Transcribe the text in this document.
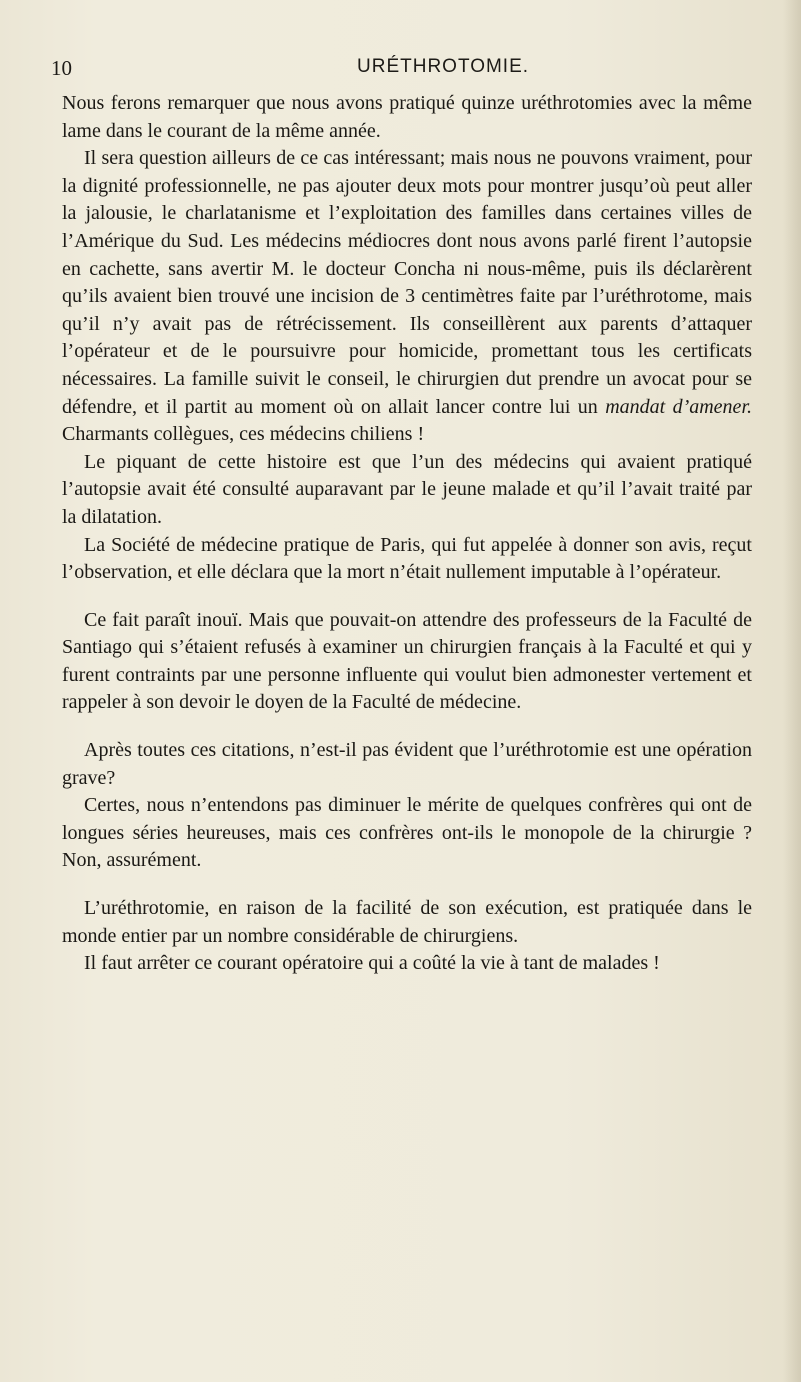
10	URÉTHROTOMIE.

Nous ferons remarquer que nous avons pratiqué quinze uréthrotomies avec la même lame dans le courant de la même année.

Il sera question ailleurs de ce cas intéressant; mais nous ne pouvons vraiment, pour la dignité professionnelle, ne pas ajouter deux mots pour montrer jusqu’où peut aller la jalousie, le charlatanisme et l’exploitation des familles dans certaines villes de l’Amérique du Sud. Les médecins médiocres dont nous avons parlé firent l’autopsie en cachette, sans avertir M. le docteur Concha ni nous-même, puis ils déclarèrent qu’ils avaient bien trouvé une incision de 3 centimètres faite par l’uréthrotome, mais qu’il n’y avait pas de rétrécissement. Ils conseillèrent aux parents d’attaquer l’opérateur et de le poursuivre pour homicide, promettant tous les certificats nécessaires. La famille suivit le conseil, le chirurgien dut prendre un avocat pour se défendre, et il partit au moment où on allait lancer contre lui un mandat d’amener. Charmants collègues, ces médecins chiliens !

Le piquant de cette histoire est que l’un des médecins qui avaient pratiqué l’autopsie avait été consulté auparavant par le jeune malade et qu’il l’avait traité par la dilatation.

La Société de médecine pratique de Paris, qui fut appelée à donner son avis, reçut l’observation, et elle déclara que la mort n’était nullement imputable à l’opérateur.

Ce fait paraît inouï. Mais que pouvait-on attendre des professeurs de la Faculté de Santiago qui s’étaient refusés à examiner un chirurgien français à la Faculté et qui y furent contraints par une personne influente qui voulut bien admonester vertement et rappeler à son devoir le doyen de la Faculté de médecine.

Après toutes ces citations, n’est-il pas évident que l’uréthrotomie est une opération grave?

Certes, nous n’entendons pas diminuer le mérite de quelques confrères qui ont de longues séries heureuses, mais ces confrères ont-ils le monopole de la chirurgie ? Non, assurément.

L’uréthrotomie, en raison de la facilité de son exécution, est pratiquée dans le monde entier par un nombre considérable de chirurgiens.

Il faut arrêter ce courant opératoire qui a coûté la vie à tant de malades !
